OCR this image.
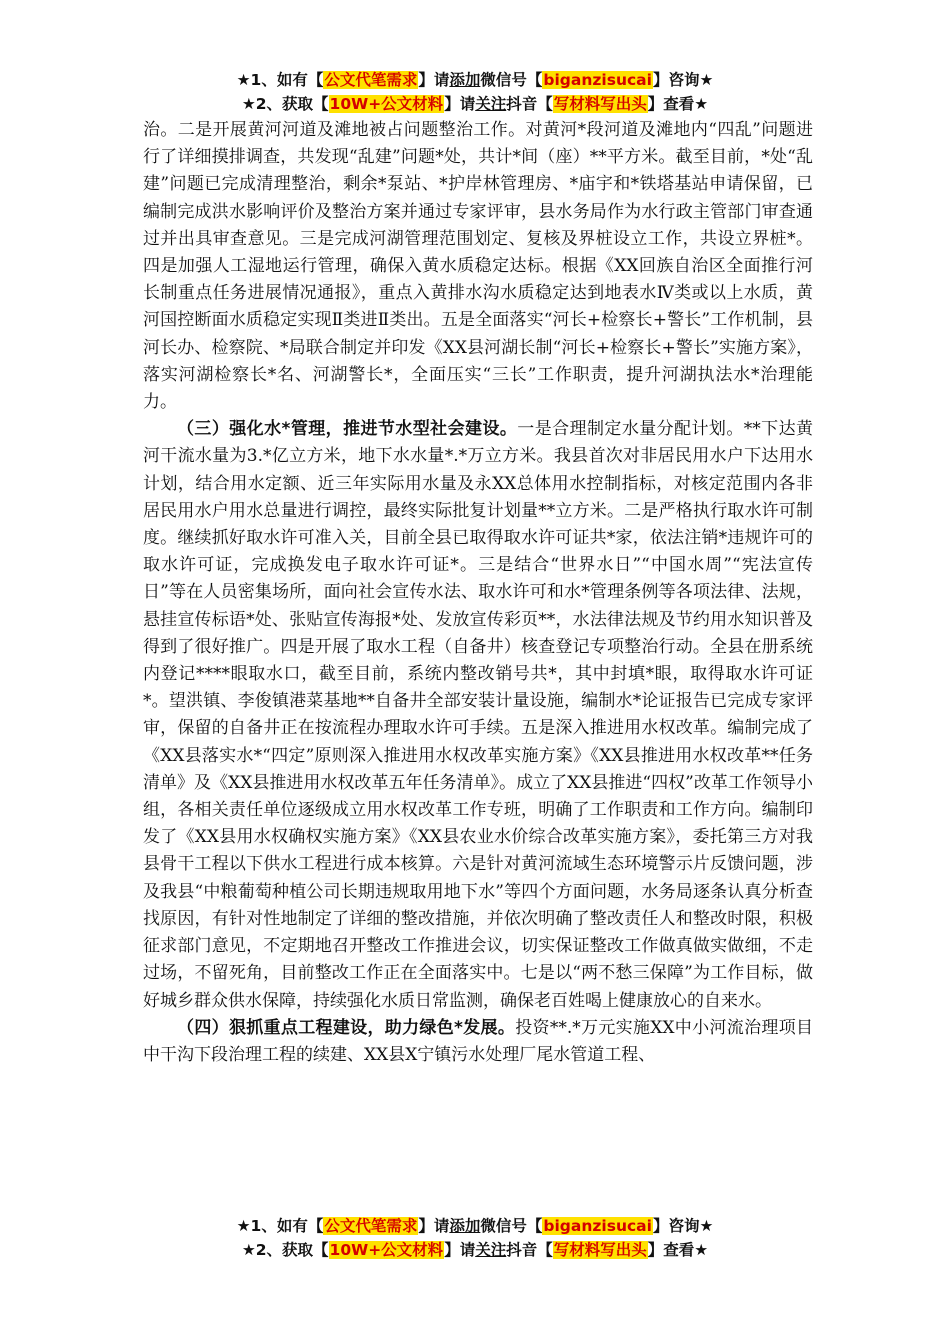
★1、如有【公文代笔需求】请添加微信号【biganzisucai】咨询★
★2、获取【10W+公文材料】请关注抖音【写材料写出头】查看★

治。二是开展黄河河道及滩地被占问题整治工作。对黄河*段河道及滩地内“四乱”问题进行了详细摸排调查，共发现“乱建”问题*处，共计*间（座）**平方米。截至目前，*处“乱建”问题已完成清理整治，剩余*泵站、*护岸林管理房、*庙宇和*铁塔基站申请保留，已编制完成洪水影响评价及整治方案并通过专家评审，县水务局作为水行政主管部门审查通过并出具审查意见。三是完成河湖管理范围划定、复核及界桩设立工作，共设立界桩*。四是加强人工湿地运行管理，确保入黄水质稳定达标。根据《XX回族自治区全面推行河长制重点任务进展情况通报》，重点入黄排水沟水质稳定达到地表水Ⅳ类或以上水质，黄河国控断面水质稳定实现Ⅱ类进Ⅱ类出。五是全面落实“河长+检察长+警长”工作机制，县河长办、检察院、*局联合制定并印发《XX县河湖长制“河长+检察长+警长”实施方案》，落实河湖检察长*名、河湖警长*，全面压实“三长”工作职责，提升河湖执法水*治理能力。

（三）强化水*管理，推进节水型社会建设。一是合理制定水量分配计划。**下达黄河干流水量为3.*亿立方米，地下水水量*.*万立方米。我县首次对非居民用水户下达用水计划，结合用水定额、近三年实际用水量及永XX总体用水控制指标，对核定范围内各非居民用水户用水总量进行调控，最终实际批复计划量**立方米。二是严格执行取水许可制度。继续抓好取水许可准入关，目前全县已取得取水许可证共*家，依法注销*违规许可的取水许可证，完成换发电子取水许可证*。三是结合“世界水日”“中国水周”“宪法宣传日”等在人员密集场所，面向社会宣传水法、取水许可和水*管理条例等各项法律、法规，悬挂宣传标语*处、张贴宣传海报*处、发放宣传彩页**，水法律法规及节约用水知识普及得到了很好推广。四是开展了取水工程（自备井）核查登记专项整治行动。全县在册系统内登记****眼取水口，截至目前，系统内整改销号共*，其中封填*眼，取得取水许可证*。望洪镇、李俊镇港菜基地**自备井全部安装计量设施，编制水*论证报告已完成专家评审，保留的自备井正在按流程办理取水许可手续。五是深入推进用水权改革。编制完成了《XX县落实水*“四定”原则深入推进用水权改革实施方案》《XX县推进用水权改革**任务清单》及《XX县推进用水权改革五年任务清单》。成立了XX县推进“四权”改革工作领导小组，各相关责任单位逐级成立用水权改革工作专班，明确了工作职责和工作方向。编制印发了《XX县用水权确权实施方案》《XX县农业水价综合改革实施方案》，委托第三方对我县骨干工程以下供水工程进行成本核算。六是针对黄河流域生态环境警示片反馈问题，涉及我县“中粮葡萄种植公司长期违规取用地下水”等四个方面问题，水务局逐条认真分析查找原因，有针对性地制定了详细的整改措施，并依次明确了整改责任人和整改时限，积极征求部门意见，不定期地召开整改工作推进会议，切实保证整改工作做真做实做细，不走过场，不留死角，目前整改工作正在全面落实中。七是以“两不愁三保障”为工作目标，做好城乡群众供水保障，持续强化水质日常监测，确保老百姓喝上健康放心的自来水。

（四）狠抓重点工程建设，助力绿色*发展。投资**.*万元实施XX中小河流治理项目中干沟下段治理工程的续建、XX县X宁镇污水处理厂尾水管道工程、

★1、如有【公文代笔需求】请添加微信号【biganzisucai】咨询★
★2、获取【10W+公文材料】请关注抖音【写材料写出头】查看★
